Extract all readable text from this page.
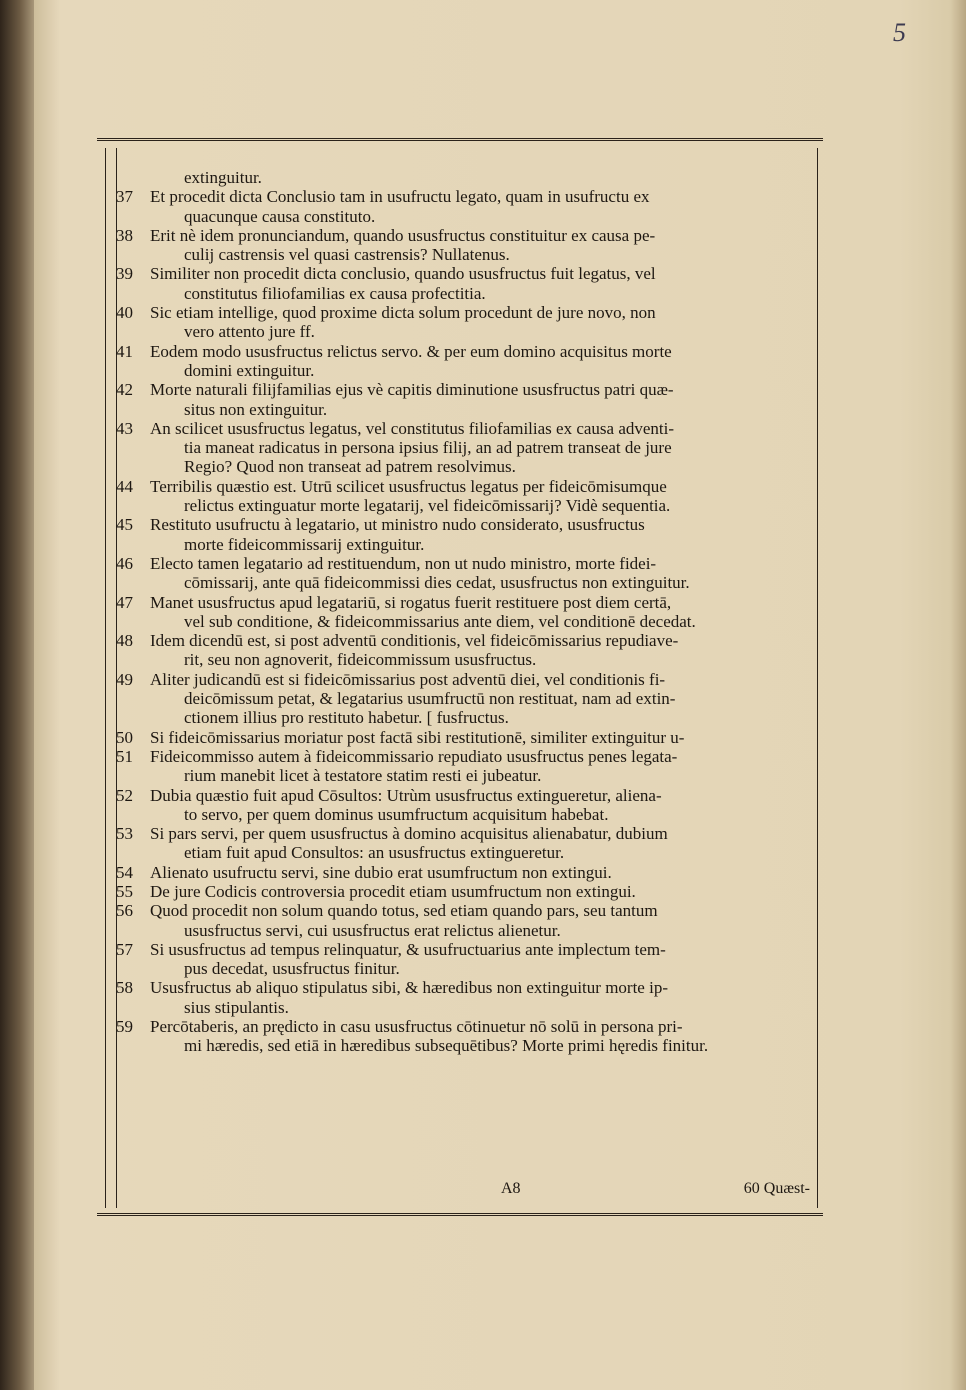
5
extinguitur.
37	Et procedit dicta Conclusio tam in usufructu legato, quam in usufructu ex
quacunque causa constituto.
38	Erit nè idem pronunciandum, quando ususfructus constituitur ex causa pe-
culij castrensis vel quasi castrensis? Nullatenus.
39	Similiter non procedit dicta conclusio, quando ususfructus fuit legatus, vel
constitutus filiofamilias ex causa profectitia.
40	Sic etiam intellige, quod proxime dicta solum procedunt de jure novo, non
vero attento jure ff.
41	Eodem modo ususfructus relictus servo. & per eum domino acquisitus morte
domini extinguitur.
42	Morte naturali filijfamilias ejus vè capitis diminutione ususfructus patri quæ-
situs non extinguitur.
43	An scilicet ususfructus legatus, vel constitutus filiofamilias ex causa adventi-
tia maneat radicatus in persona ipsius filij, an ad patrem transeat de jure
Regio? Quod non transeat ad patrem resolvimus.
44	Terribilis quæstio est. Utrū scilicet ususfructus legatus per fideicōmisumque
relictus extinguatur morte legatarij, vel fideicōmissarij? Vidè sequentia.
45	Restituto usufructu à legatario, ut ministro nudo considerato, ususfructus
morte fideicommissarij extinguitur.
46	Electo tamen legatario ad restituendum, non ut nudo ministro, morte fidei-
cōmissarij, ante quā fideicommissi dies cedat, ususfructus non extinguitur.
47	Manet ususfructus apud legatariū, si rogatus fuerit restituere post diem certā,
vel sub conditione, & fideicommissarius ante diem, vel conditionē decedat.
48	Idem dicendū est, si post adventū conditionis, vel fideicōmissarius repudiave-
rit, seu non agnoverit, fideicommissum ususfructus.
49	Aliter judicandū est si fideicōmissarius post adventū diei, vel conditionis fi-
deicōmissum petat, & legatarius usumfructū non restituat, nam ad extin-
ctionem illius pro restituto habetur. [ fusfructus.
50	Si fideicōmissarius moriatur post factā sibi restitutionē, similiter extinguitur u-
51	Fideicommisso autem à fideicommissario repudiato ususfructus penes legata-
rium manebit licet à testatore statim resti ei jubeatur.
52	Dubia quæstio fuit apud Cōsultos: Utrùm ususfructus extingueretur, aliena-
to servo, per quem dominus usumfructum acquisitum habebat.
53	Si pars servi, per quem ususfructus à domino acquisitus alienabatur, dubium
etiam fuit apud Consultos: an ususfructus extingueretur.
54	Alienato usufructu servi, sine dubio erat usumfructum non extingui.
55	De jure Codicis controversia procedit etiam usumfructum non extingui.
56	Quod procedit non solum quando totus, sed etiam quando pars, seu tantum
ususfructus servi, cui ususfructus erat relictus alienetur.
57	Si ususfructus ad tempus relinquatur, & usufructuarius ante implectum tem-
pus decedat, ususfructus finitur.
58	Ususfructus ab aliquo stipulatus sibi, & hæredibus non extinguitur morte ip-
sius stipulantis.
59	Percōtaberis, an prędicto in casu ususfructus cōtinuetur nō solū in persona pri-
mi hæredis, sed etiā in hæredibus subsequētibus? Morte primi hęredis finitur.
A8	60 Quæst-
